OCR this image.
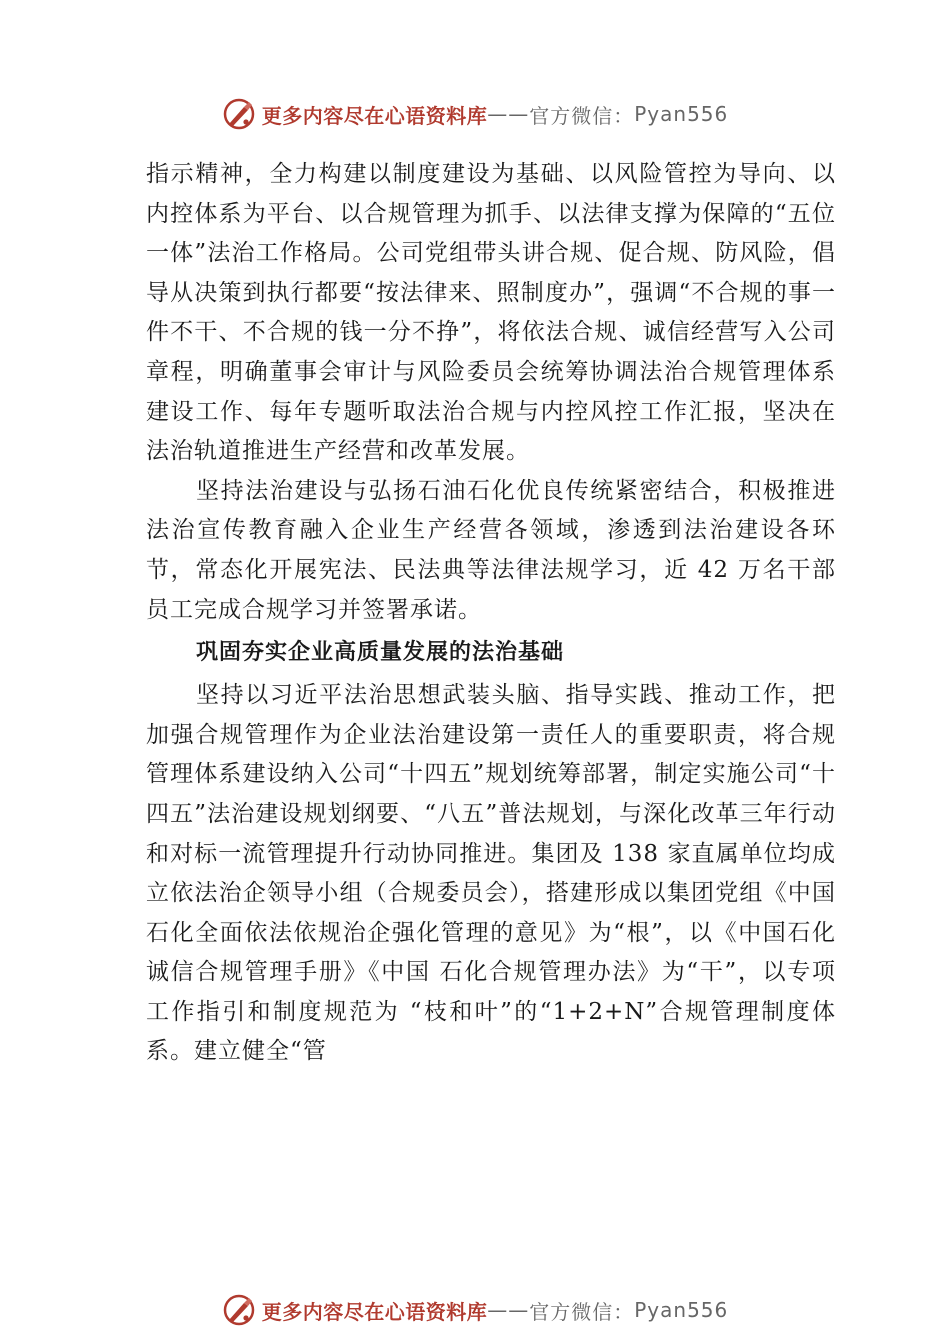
更多内容尽在心语资料库 —— 官方微信： Pyan556

指示精神，全力构建以制度建设为基础、以风险管控为导向、以内控体系为平台、以合规管理为抓手、以法律支撑为保障的“五位一体”法治工作格局。公司党组带头讲合规、促合规、防风险，倡导从决策到执行都要“按法律来、照制度办”，强调“不合规的事一件不干、不合规的钱一分不挣”，将依法合规、诚信经营写入公司章程，明确董事会审计与风险委员会统筹协调法治合规管理体系建设工作、每年专题听取法治合规与内控风控工作汇报，坚决在法治轨道推进生产经营和改革发展。

坚持法治建设与弘扬石油石化优良传统紧密结合，积极推进法治宣传教育融入企业生产经营各领域，渗透到法治建设各环节，常态化开展宪法、民法典等法律法规学习，近 42 万名干部员工完成合规学习并签署承诺。

巩固夯实企业高质量发展的法治基础

坚持以习近平法治思想武装头脑、指导实践、推动工作，把加强合规管理作为企业法治建设第一责任人的重要职责，将合规管理体系建设纳入公司“十四五”规划统筹部署，制定实施公司“十四五”法治建设规划纲要、“八五”普法规划，与深化改革三年行动和对标一流管理提升行动协同推进。集团及 138 家直属单位均成立依法治企领导小组（合规委员会），搭建形成以集团党组《中国石化全面依法依规治企强化管理的意见》为“根”，以《中国石化诚信合规管理手册》《中国 石化合规管理办法》为“干”，以专项工作指引和制度规范为 “枝和叶”的“1+2+N”合规管理制度体系。建立健全“管

更多内容尽在心语资料库 —— 官方微信： Pyan556
